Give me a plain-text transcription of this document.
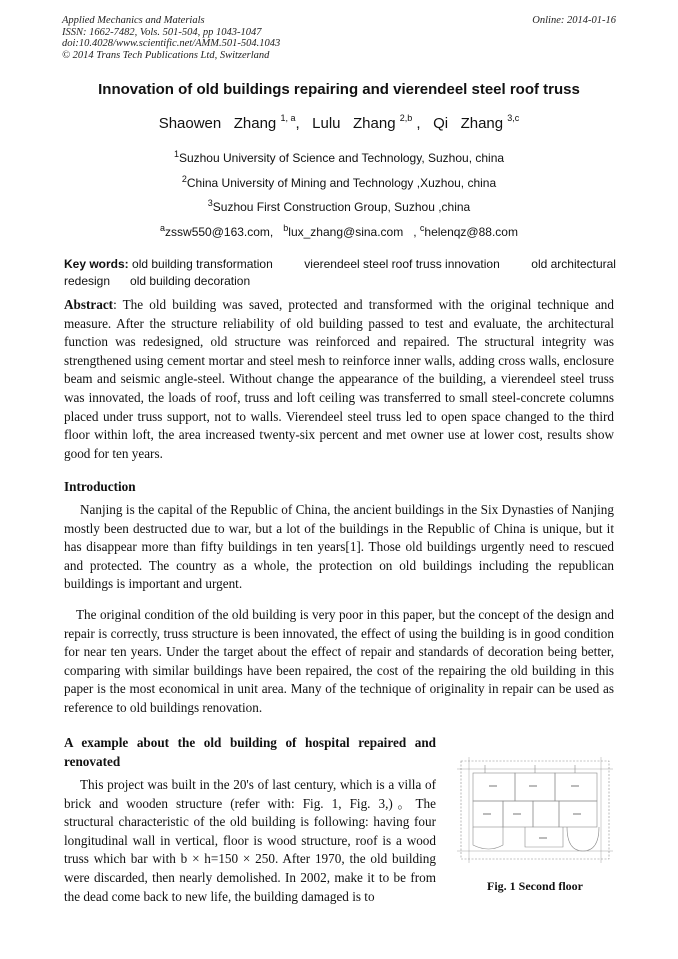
Applied Mechanics and Materials
ISSN: 1662-7482, Vols. 501-504, pp 1043-1047
doi:10.4028/www.scientific.net/AMM.501-504.1043
© 2014 Trans Tech Publications Ltd, Switzerland
Online: 2014-01-16
Innovation of old buildings repairing and vierendeel steel roof truss
Shaowen   Zhang $^{1, a}$,   Lulu   Zhang $^{2,b}$ ,   Qi   Zhang $^{3,c}$
$^1$Suzhou University of Science and Technology, Suzhou, china
$^2$China University of Mining and Technology ,Xuzhou, china
$^3$Suzhou First Construction Group, Suzhou ,china
$^a$zssw550@163.com, $^b$lux_zhang@sina.com   , $^c$helenqz@88.com
Key words: old building transformation	vierendeel steel roof truss innovation	old architectural
redesign old building decoration
Abstract: The old building was saved, protected and transformed with the original technique and measure. After the structure reliability of old building passed to test and evaluate, the architectural function was redesigned, old structure was reinforced and repaired. The structural integrity was strengthened using cement mortar and steel mesh to reinforce inner walls, adding cross walls, enclosure beam and seismic angle-steel. Without change the appearance of the building, a vierendeel steel truss was innovated, the loads of roof, truss and loft ceiling was transferred to small steel-concrete columns placed under truss support, not to walls. Vierendeel steel truss led to open space changed to the third floor within loft, the area increased twenty-six percent and met owner use at lower cost, results show good for ten years.
Introduction
Nanjing is the capital of the Republic of China, the ancient buildings in the Six Dynasties of Nanjing mostly been destructed due to war, but a lot of the buildings in the Republic of China is unique, but it has disappear more than fifty buildings in ten years[1]. Those old buildings urgently need to rescued and protected. The country as a whole, the protection on old buildings including the republican buildings is important and urgent.
The original condition of the old building is very poor in this paper, but the concept of the design and repair is correctly, truss structure is been innovated, the effect of using the building is in good condition for near ten years. Under the target about the effect of repair and standards of decoration being better, comparing with similar buildings have been repaired, the cost of the repairing the old building in this paper is the most economical in unit area. Many of the technique of originality in repair can be used as reference to old buildings renovation.
A example about the old building of hospital repaired and renovated
This project was built in the 20's of last century, which is a villa of brick and wooden structure (refer with: Fig. 1, Fig. 3,)。The structural characteristic of the old building is following: having four longitudinal wall in vertical, floor is wood structure, roof is a wood truss which bar with b × h=150 × 250. After 1970, the old building were discarded, then nearly demolished. In 2002, make it to be from the dead come back to new life, the building damaged is to
Fig. 1 Second floor
